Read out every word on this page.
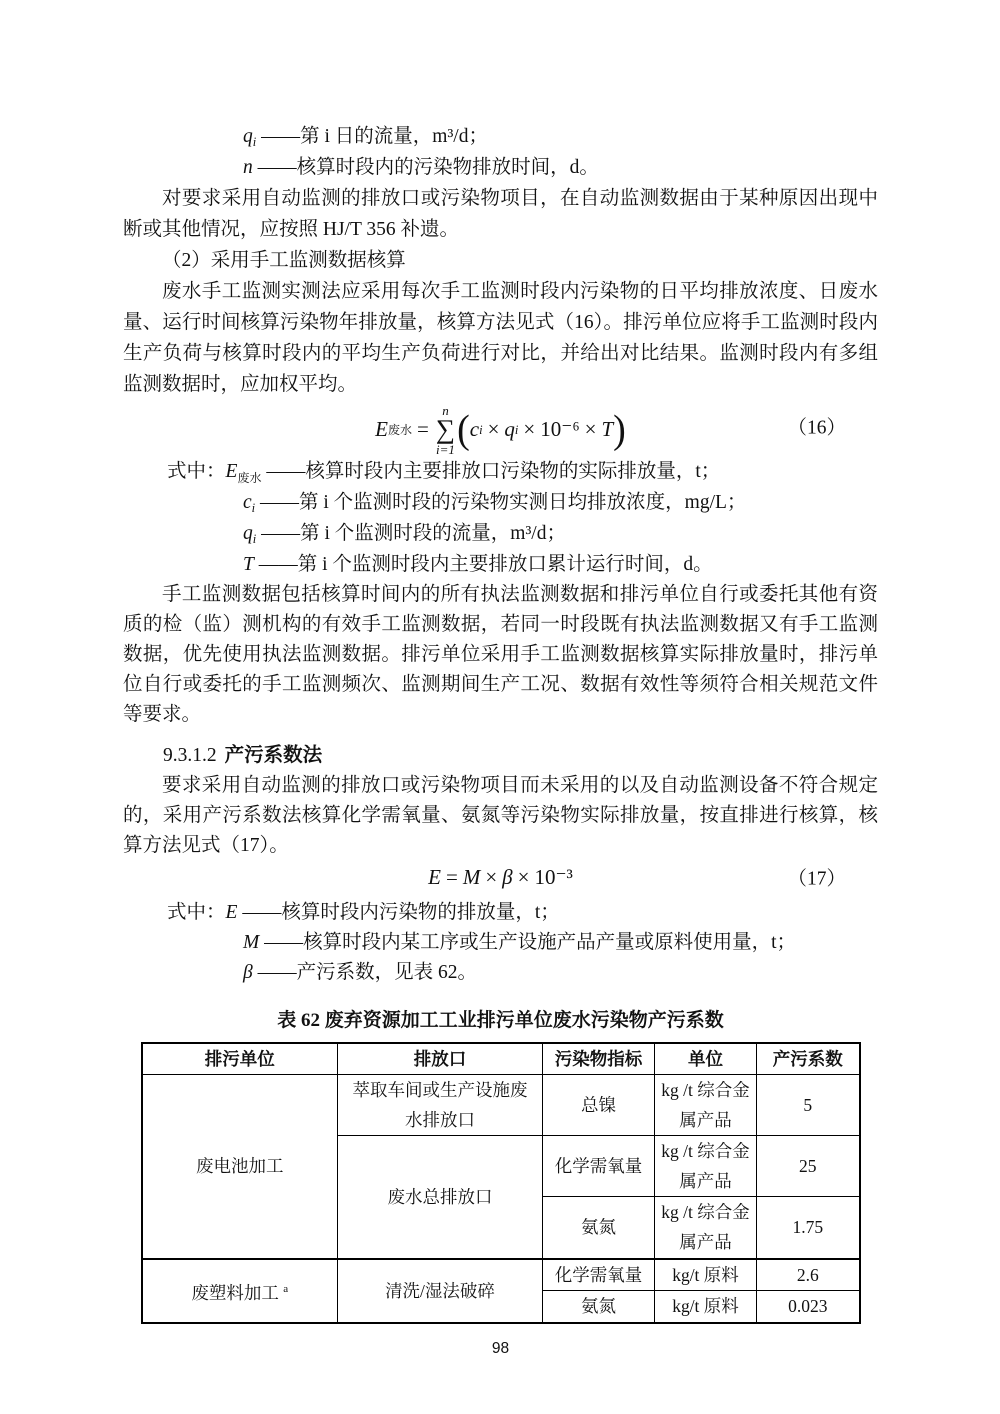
$q_i$ ——第 i 日的流量，m³/d；
n ——核算时段内的污染物排放时间，d。
对要求采用自动监测的排放口或污染物项目，在自动监测数据由于某种原因出现中断或其他情况，应按照 HJ/T 356 补遗。
（2）采用手工监测数据核算
废水手工监测实测法应采用每次手工监测时段内污染物的日平均排放浓度、日废水量、运行时间核算污染物年排放量，核算方法见式（16）。排污单位应将手工监测时段内生产负荷与核算时段内的平均生产负荷进行对比，并给出对比结果。监测时段内有多组监测数据时，应加权平均。
E 废水 =
n
∑
i=1 ( c i × q i × 10⁻⁶ × T )	（16）
式中：$E_{废水}$ ——核算时段内主要排放口污染物的实际排放量，t；
$c_i$ ——第 i 个监测时段的污染物实测日均排放浓度，mg/L；
$q_i$ ——第 i 个监测时段的流量，m³/d；
T ——第 i 个监测时段内主要排放口累计运行时间，d。
手工监测数据包括核算时间内的所有执法监测数据和排污单位自行或委托其他有资质的检（监）测机构的有效手工监测数据，若同一时段既有执法监测数据又有手工监测数据，优先使用执法监测数据。排污单位采用手工监测数据核算实际排放量时，排污单位自行或委托的手工监测频次、监测期间生产工况、数据有效性等须符合相关规范文件等要求。
9.3.1.2 产污系数法
要求采用自动监测的排放口或污染物项目而未采用的以及自动监测设备不符合规定的，采用产污系数法核算化学需氧量、氨氮等污染物实际排放量，按直排进行核算，核算方法见式（17）。
E = M × β × 10⁻³	（17）
式中：E ——核算时段内污染物的排放量，t；
M ——核算时段内某工序或生产设施产品产量或原料使用量，t；
β ——产污系数，见表 62。
表 62 废弃资源加工工业排污单位废水污染物产污系数
排污单位	排放口	污染物指标	单位	产污系数
废电池加工	萃取车间或生产设施废水排放口	总镍	kg /t 综合金属产品	5
	废水总排放口	化学需氧量	kg /t 综合金属产品	25
		氨氮	kg /t 综合金属产品	1.75
废塑料加工 $^a$	清洗/湿法破碎	化学需氧量	kg/t 原料	2.6
		氨氮	kg/t 原料	0.023
98
